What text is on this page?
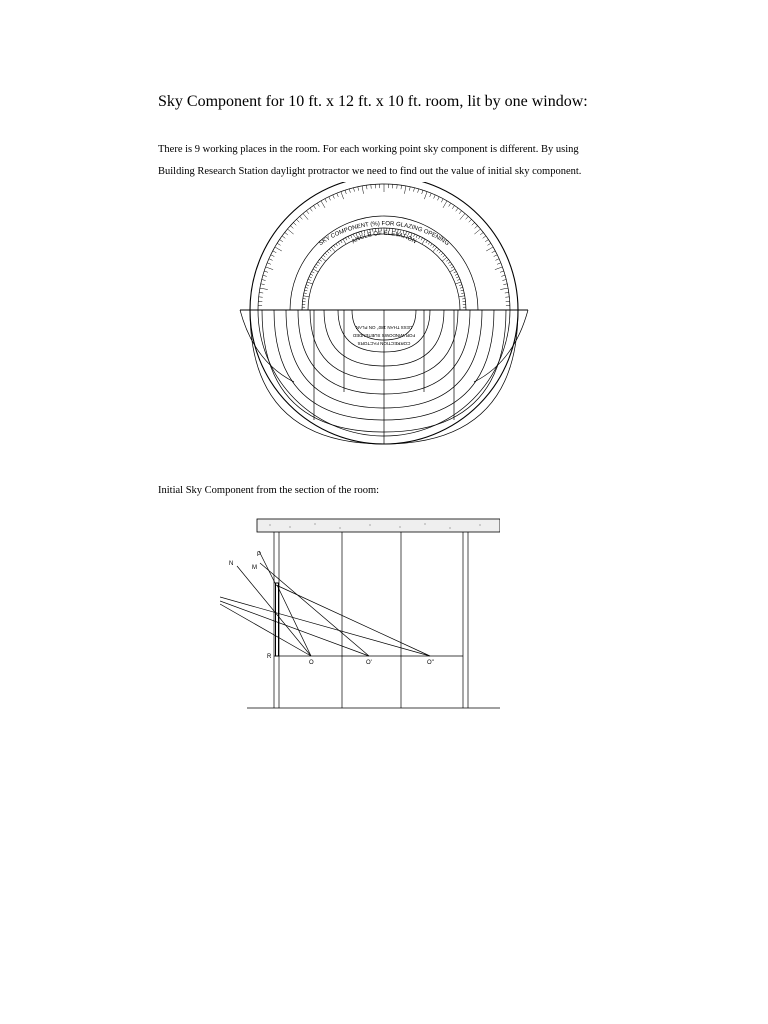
Sky Component for 10 ft. x 12 ft. x 10 ft. room, lit by one window:

There is 9 working places in the room. For each working point sky component is different. By using
Building Research Station daylight protractor we need to find out the value of initial sky component.

SKY COMPONENT (%) FOR GLAZING OPENING
ANGLE OF ELEVATION
CORRECTION FACTORS
FOR WINDOWS SUBTENDED
LESS THAN 180° ON PLAN

Initial Sky Component from the section of the room:

N
P
M
R
O	O'	O''
